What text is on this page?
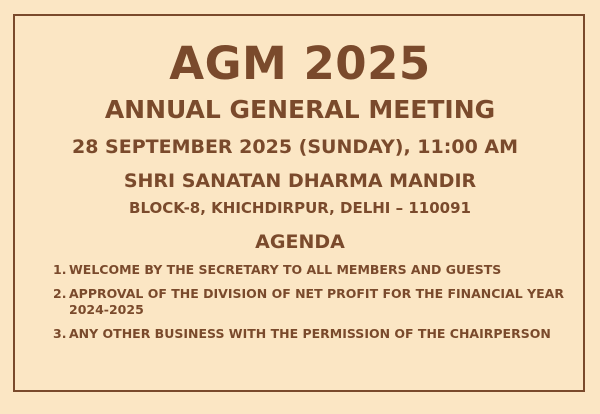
AGM 2025
ANNUAL GENERAL MEETING
28 SEPTEMBER 2025 (SUNDAY), 11:00 AM
SHRI SANATAN DHARMA MANDIR
BLOCK-8, KHICHDIRPUR, DELHI – 110091
AGENDA
1. WELCOME BY THE SECRETARY TO ALL MEMBERS AND GUESTS
2. APPROVAL OF THE DIVISION OF NET PROFIT FOR THE FINANCIAL YEAR 2024-2025
3. ANY OTHER BUSINESS WITH THE PERMISSION OF THE CHAIRPERSON
